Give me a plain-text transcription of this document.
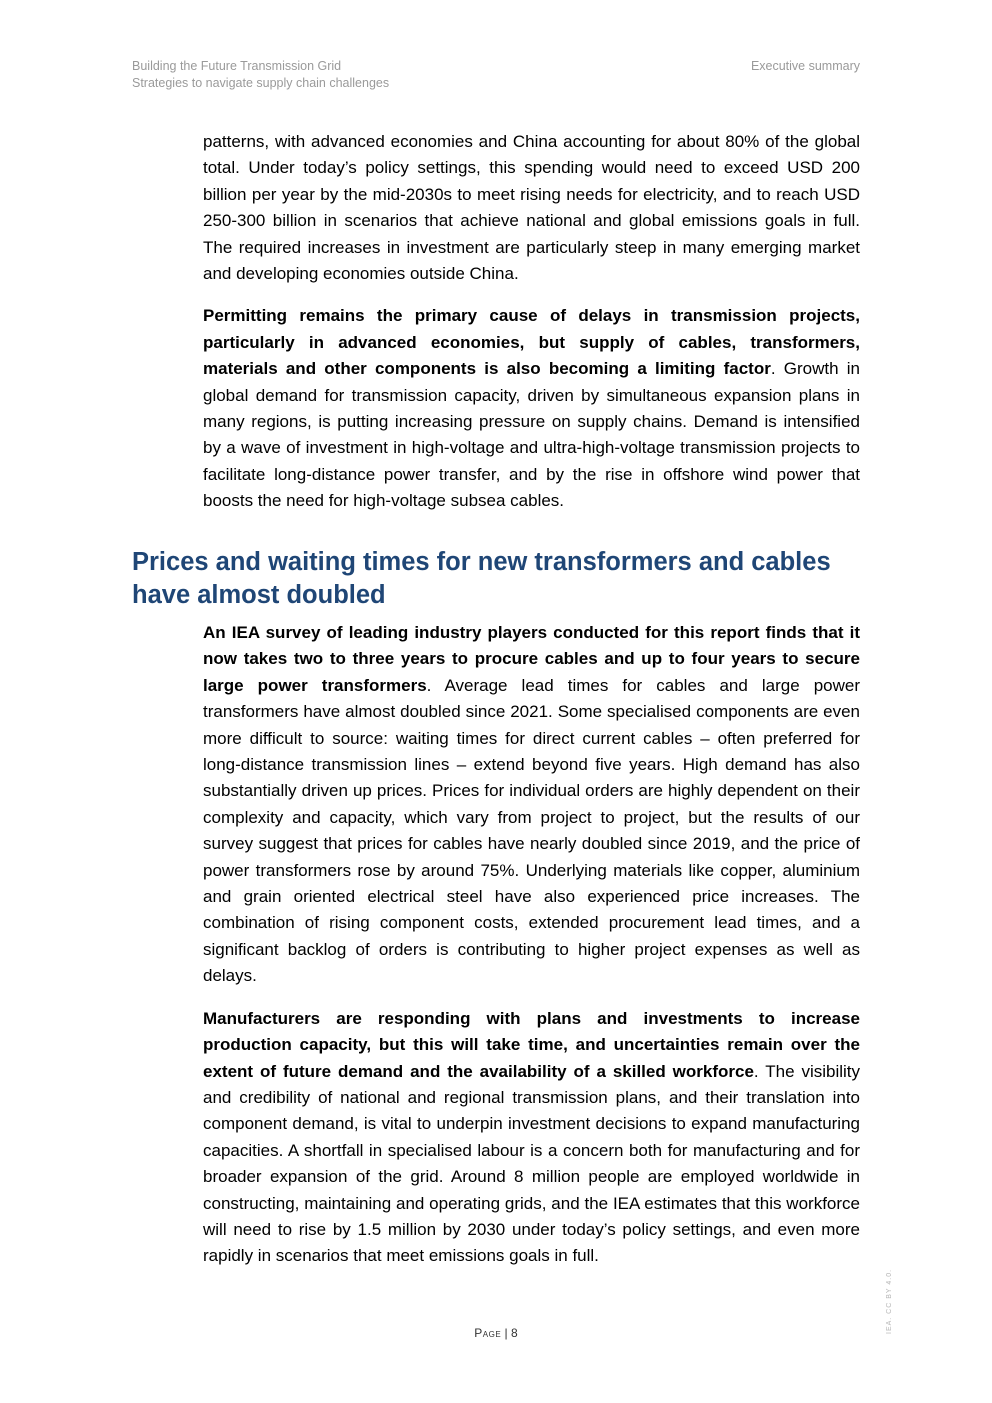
Building the Future Transmission Grid
Strategies to navigate supply chain challenges
Executive summary

patterns, with advanced economies and China accounting for about 80% of the global total. Under today’s policy settings, this spending would need to exceed USD 200 billion per year by the mid-2030s to meet rising needs for electricity, and to reach USD 250-300 billion in scenarios that achieve national and global emissions goals in full. The required increases in investment are particularly steep in many emerging market and developing economies outside China.

Permitting remains the primary cause of delays in transmission projects, particularly in advanced economies, but supply of cables, transformers, materials and other components is also becoming a limiting factor. Growth in global demand for transmission capacity, driven by simultaneous expansion plans in many regions, is putting increasing pressure on supply chains. Demand is intensified by a wave of investment in high-voltage and ultra-high-voltage transmission projects to facilitate long-distance power transfer, and by the rise in offshore wind power that boosts the need for high-voltage subsea cables.

Prices and waiting times for new transformers and cables have almost doubled

An IEA survey of leading industry players conducted for this report finds that it now takes two to three years to procure cables and up to four years to secure large power transformers. Average lead times for cables and large power transformers have almost doubled since 2021. Some specialised components are even more difficult to source: waiting times for direct current cables – often preferred for long-distance transmission lines – extend beyond five years. High demand has also substantially driven up prices. Prices for individual orders are highly dependent on their complexity and capacity, which vary from project to project, but the results of our survey suggest that prices for cables have nearly doubled since 2019, and the price of power transformers rose by around 75%. Underlying materials like copper, aluminium and grain oriented electrical steel have also experienced price increases. The combination of rising component costs, extended procurement lead times, and a significant backlog of orders is contributing to higher project expenses as well as delays.

Manufacturers are responding with plans and investments to increase production capacity, but this will take time, and uncertainties remain over the extent of future demand and the availability of a skilled workforce. The visibility and credibility of national and regional transmission plans, and their translation into component demand, is vital to underpin investment decisions to expand manufacturing capacities. A shortfall in specialised labour is a concern both for manufacturing and for broader expansion of the grid. Around 8 million people are employed worldwide in constructing, maintaining and operating grids, and the IEA estimates that this workforce will need to rise by 1.5 million by 2030 under today’s policy settings, and even more rapidly in scenarios that meet emissions goals in full.

Page | 8	IEA. CC BY 4.0.
